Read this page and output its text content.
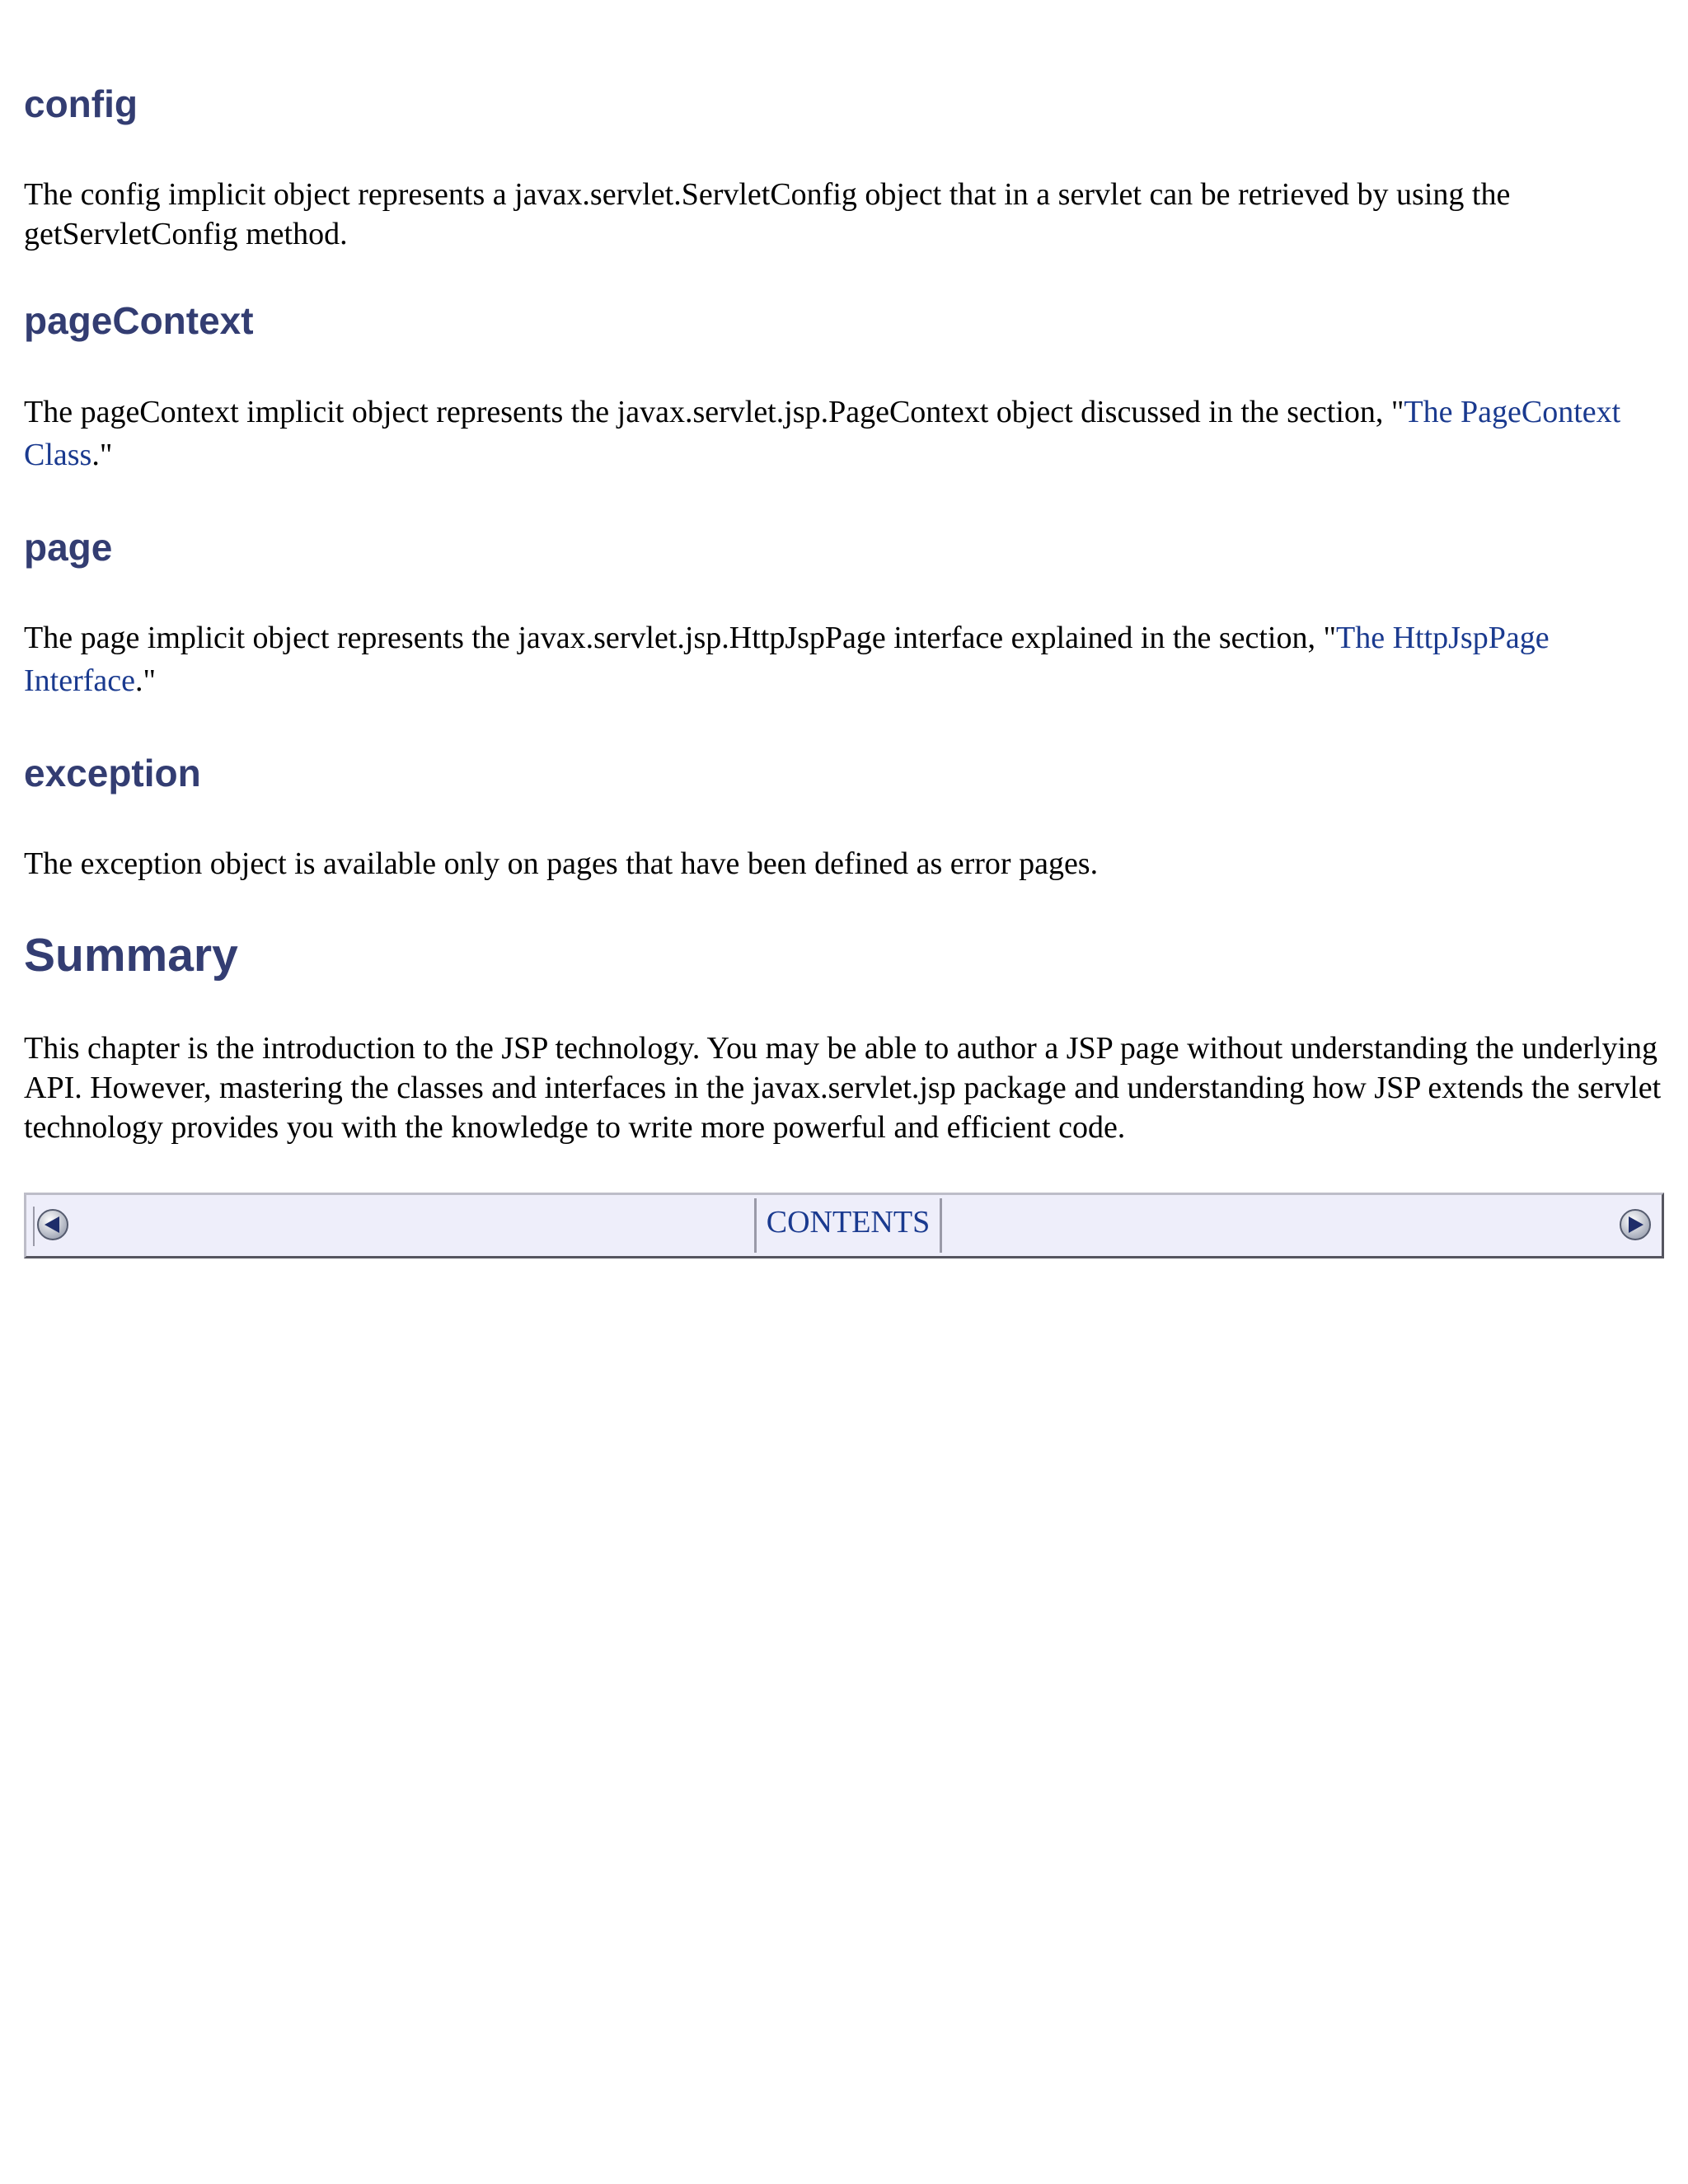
config

The config implicit object represents a javax.servlet.ServletConfig object that in a servlet can be retrieved by using the getServletConfig method.

pageContext

The pageContext implicit object represents the javax.servlet.jsp.PageContext object discussed in the section, "The PageContext Class."

page

The page implicit object represents the javax.servlet.jsp.HttpJspPage interface explained in the section, "The HttpJspPage Interface."

exception

The exception object is available only on pages that have been defined as error pages.

Summary

This chapter is the introduction to the JSP technology. You may be able to author a JSP page without understanding the underlying API. However, mastering the classes and interfaces in the javax.servlet.jsp package and understanding how JSP extends the servlet technology provides you with the knowledge to write more powerful and efficient code.

CONTENTS
